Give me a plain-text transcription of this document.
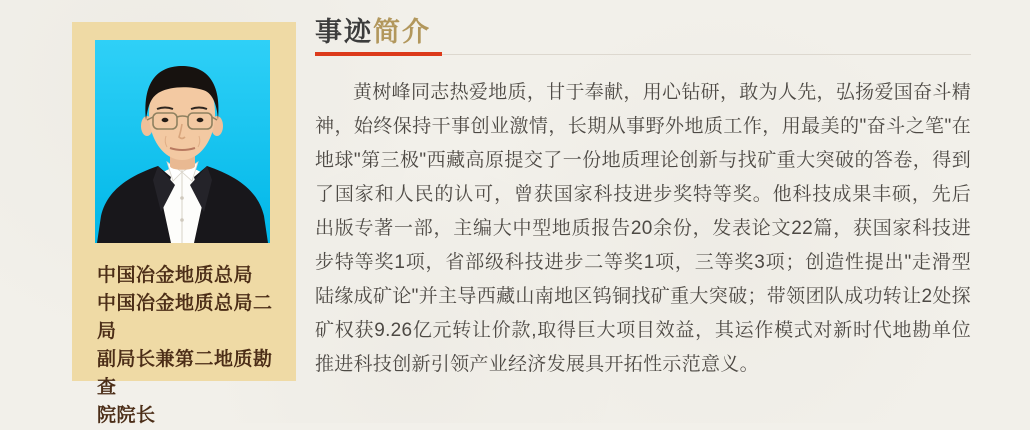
中国冶金地质总局
中国冶金地质总局二局
副局长兼第二地质勘查
院院长
事迹简介

黄树峰同志热爱地质，甘于奉献，用心钻研，敢为人先，弘扬爱国奋斗精神，始终保持干事创业激情，长期从事野外地质工作，用最美的"奋斗之笔"在地球"第三极"西藏高原提交了一份地质理论创新与找矿重大突破的答卷，得到了国家和人民的认可，曾获国家科技进步奖特等奖。他科技成果丰硕，先后出版专著一部，主编大中型地质报告20余份，发表论文22篇，获国家科技进步特等奖1项，省部级科技进步二等奖1项，三等奖3项；创造性提出"走滑型陆缘成矿论"并主导西藏山南地区钨铜找矿重大突破；带领团队成功转让2处探矿权获9.26亿元转让价款,取得巨大项目效益，其运作模式对新时代地勘单位推进科技创新引领产业经济发展具开拓性示范意义。
